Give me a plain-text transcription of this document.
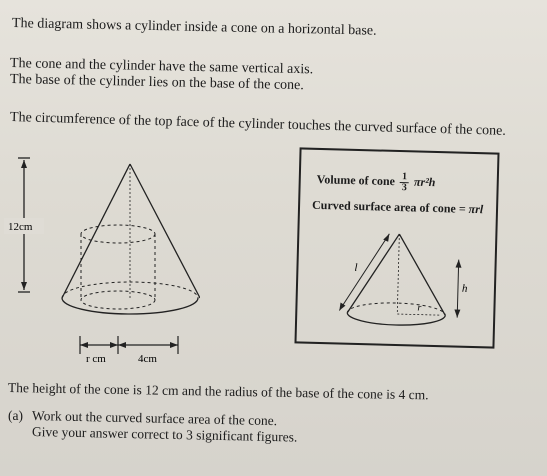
The diagram shows a cylinder inside a cone on a horizontal base.
The cone and the cylinder have the same vertical axis.
The base of the cylinder lies on the base of the cone.
The circumference of the top face of the cylinder touches the curved surface of the cone.
12cm
r cm	4cm
Volume of cone $\frac{1}{3} \pi r^2h$
Curved surface area of cone = πrl
l
h
r
The height of the cone is 12 cm and the radius of the base of the cone is 4 cm.
(a) Work out the curved surface area of the cone.
Give your answer correct to 3 significant figures.
